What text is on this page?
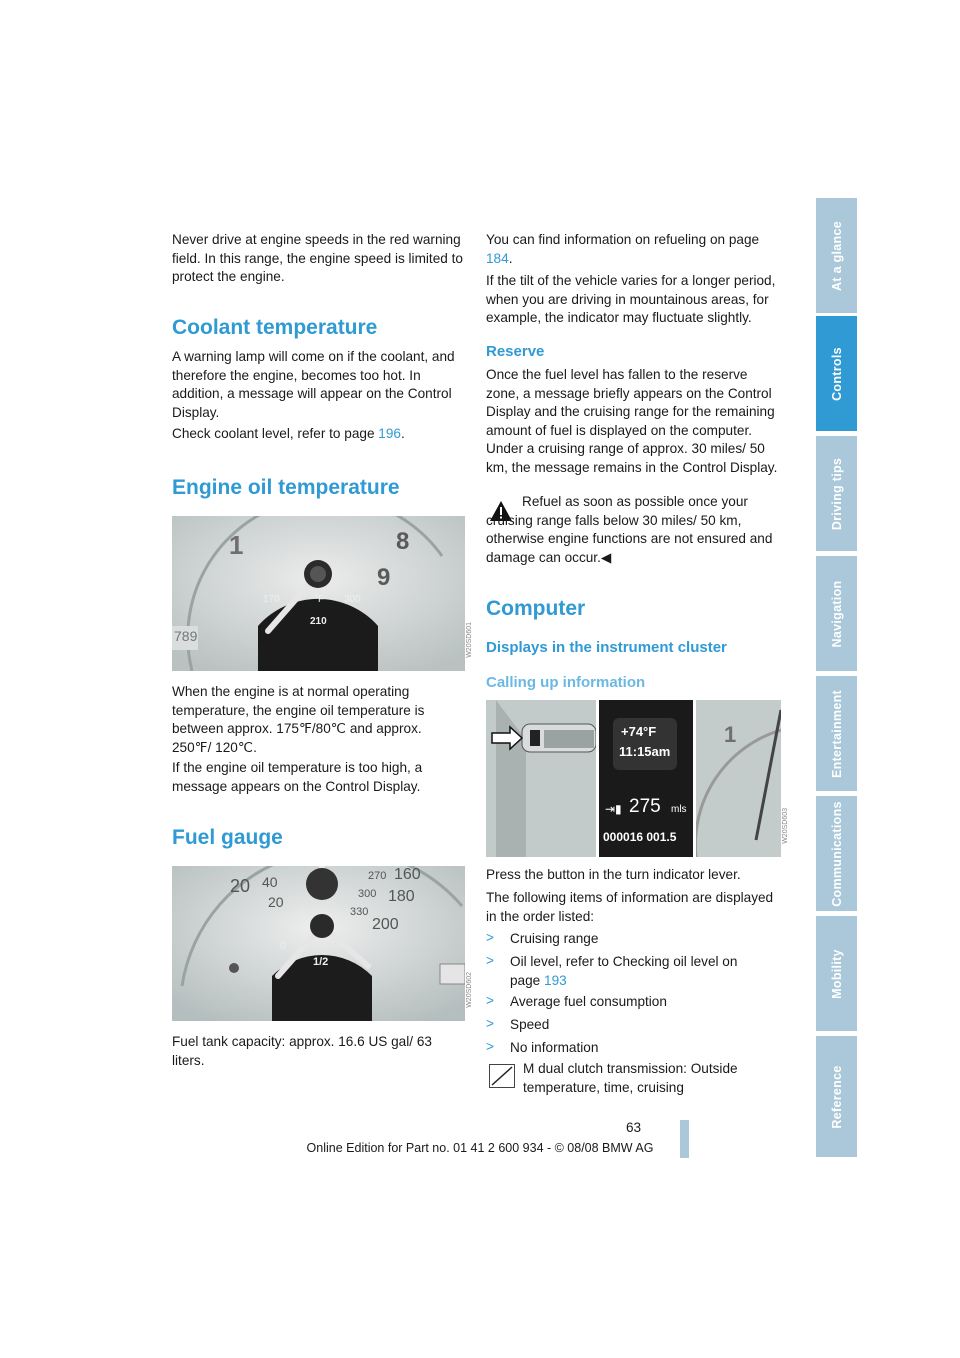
Never drive at engine speeds in the red warning field. In this range, the engine speed is limited to protect the engine.

Coolant temperature

A warning lamp will come on if the coolant, and therefore the engine, becomes too hot. In addition, a message will appear on the Control Display.

Check coolant level, refer to page 196.

Engine oil temperature
1	8
9
170	°F 300
210
789	W20SD601

When the engine is at normal operating temperature, the engine oil temperature is between approx. 175℉/80℃ and approx. 250℉/ 120℃.

If the engine oil temperature is too high, a message appears on the Control Display.

Fuel gauge
40
20
20
270 160
300 180
330
200
0
1/2
W20SD602

Fuel tank capacity: approx. 16.6 US gal/ 63 liters.

You can find information on refueling on page 184.

If the tilt of the vehicle varies for a longer period, when you are driving in mountainous areas, for example, the indicator may fluctuate slightly.

Reserve

Once the fuel level has fallen to the reserve zone, a message briefly appears on the Control Display and the cruising range for the remaining amount of fuel is displayed on the computer. Under a cruising range of approx. 30 miles/ 50 km, the message remains in the Control Display.

Refuel as soon as possible once your cruising range falls below 30 miles/ 50 km, otherwise engine functions are not ensured and damage can occur.◀

Computer
Displays in the instrument cluster
Calling up information
+74°F
11:15am
⇥▮ 275 mls
000016 001.5
1
W20SD603

Press the button in the turn indicator lever.

The following items of information are displayed in the order listed:

> Cruising range

> Oil level, refer to Checking oil level on page 193

> Average fuel consumption

> Speed

> No information

M dual clutch transmission: Outside temperature, time, cruising

At a glance
Controls
Driving tips
Navigation
Entertainment
Communications
Mobility
Reference
63
Online Edition for Part no. 01 41 2 600 934 - © 08/08 BMW AG
